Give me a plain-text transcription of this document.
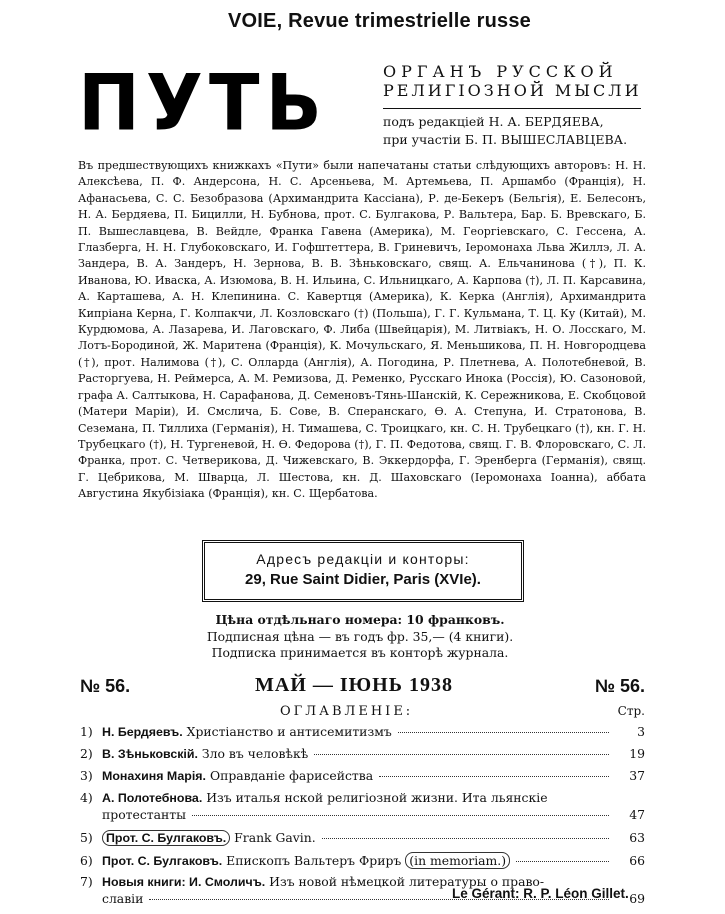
VOIE, Revue trimestrielle russe
ПУТЬ	ОРГАНЪ РУССКОЙ
РЕЛИГIОЗНОЙ МЫСЛИ
подъ редакцiей Н. А. БЕРДЯЕВА,
при участiи Б. П. ВЫШЕСЛАВЦЕВА.
Въ предшествующихъ книжкахъ «Пути» были напечатаны статьи слѣдующихъ авторовъ: Н. Н. Алексѣева, П. Ф. Андерсона, Н. С. Арсеньева, М. Артемьева, П. Аршамбо (Францiя), Н. Афанасьева, С. С. Безобразова (Архимандрита Кассiана), Р. де-Бекеръ (Бельгiя), Е. Белесонъ, Н. А. Бердяева, П. Бицилли, Н. Бубнова, прот. С. Булгакова, Р. Вальтера, Бар. Б. Вревскаго, Б. П. Вышеславцева, В. Вейдле, Франка Гавена (Америка), М. Георгiевскаго, С. Гессена, А. Глазберга, Н. Н. Глубоковскаго, И. Гофштеттера, В. Гриневичъ, Iеромонаха Львa Жиллэ, Л. А. Зандера, В. А. Зандеръ, Н. Зернова, В. В. Зѣньковскаго, свящ. А. Ельчанинова (†), П. К. Иванова, Ю. Иваска, А. Изюмова, В. Н. Ильина, С. Ильницкаго, А. Карпова (†), Л. П. Карсавина, А. Карташева, А. Н. Клепинина. С. Кавертця (Америка), К. Керка (Англiя), Архимандрита Кипрiана Керна, Г. Колпакчи, Л. Козловскаго (†) (Польша), Г. Г. Кульмана, Т. Ц. Ку (Китай), М. Курдюмова, А. Лазарева, И. Лаговскаго, Ф. Либа (Швейцарiя), М. Литвiакъ, Н. О. Лосскаго, М. Лотъ-Бородиной, Ж. Маритена (Францiя), К. Мочульскаго, Я. Меньшикова, П. Н. Новгородцева (†), прот. Налимова (†), С. Олларда (Англiя), А. Погодина, Р. Плетнева, А. Полотебневой, В. Расторгуева, Н. Реймерса, А. М. Ремизова, Д. Ременко, Русскаго Инока (Россiя), Ю. Сазоновой, графа А. Салтыкова, Н. Сарафанова, Д. Семеновъ-Тянь-Шанскiй, К. Сережникова, Е. Скобцовой (Матери Марiи), И. Смслича, Б. Сове, В. Сперанскаго, Ѳ. А. Степуна, И. Стратонова, В. Сеземана, П. Тиллиха (Германiя), Н. Тимашева, С. Троицкаго, кн. С. Н. Трубецкаго (†), кн. Г. Н. Трубецкаго (†), Н. Тургеневой, Н. Ѳ. Федорова (†), Г. П. Федотова, свящ. Г. В. Флоровскаго, С. Л. Франка, прот. С. Четверикова, Д. Чижевскаго, В. Эккердорфа, Г. Эренберга (Германiя), свящ. Г. Цебрикова, М. Шварца, Л. Шестова, кн. Д. Шаховскаго (Iеромонаха Iоанна), аббата Августина Якубiзiака (Францiя), кн. С. Щербатова.
Адресъ редакцiи и конторы:
29, Rue Saint Didier, Paris (XVIe).
Цѣна отдѣльнаго номера: 10 франковъ.
Подписная цѣна — въ годъ фр. 35,— (4 книги).
Подписка принимается въ конторѣ журнала.
№ 56.	МАЙ — IЮНЬ 1938	№ 56.
ОГЛАВЛЕНIЕ:	Стр.
1) Н. Бердяевъ. Христiанство и антисемитизмъ	3
2) В. Зѣньковскiй. Зло въ человѣкѣ	19
3) Монахиня Марiя. Оправданiе фарисейства	37
4) А. Полотебнова. Изъ италья нской религiозной жизни. Ита льянскiе
протестанты	47
5)	Прот. С. Булгаковъ. Frank Gavin.	63
6) Прот. С. Булгаковъ. Епископъ Вальтеръ Фриръ (in memoriam.)	66
7) Новыя книги: И. Смоличъ. Изъ новой нѣмецкой литературы о право-
славiи	69
Le Gérant: R. P. Léon Gillet.
